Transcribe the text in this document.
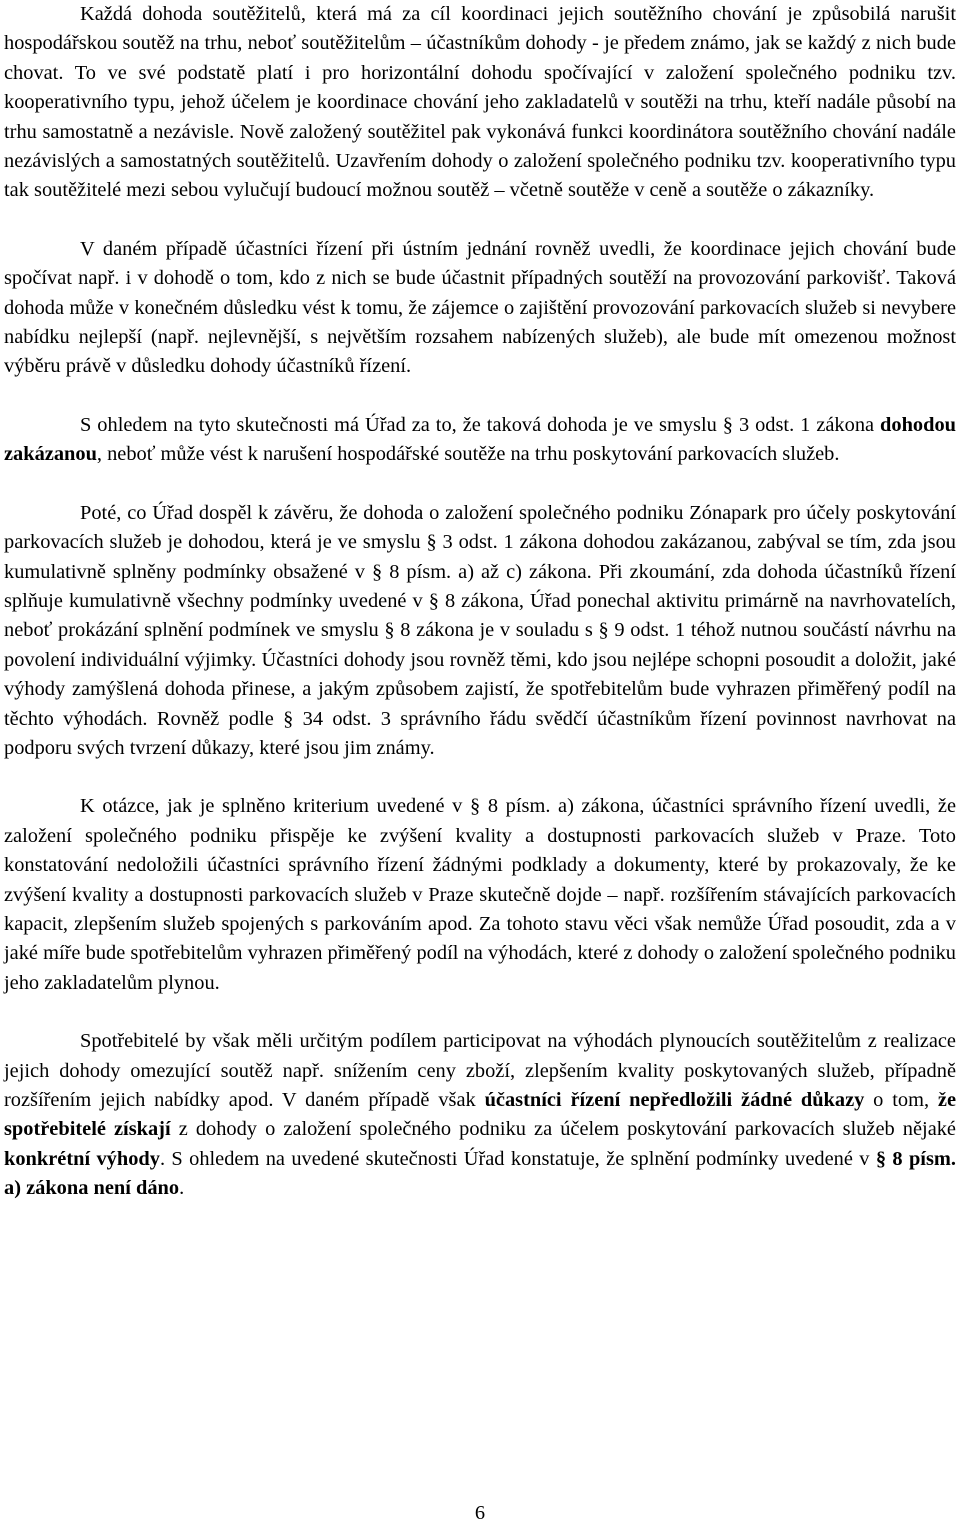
Každá dohoda soutěžitelů, která má za cíl koordinaci jejich soutěžního chování je způsobilá narušit hospodářskou soutěž na trhu, neboť soutěžitelům – účastníkům dohody - je předem známo, jak se každý z nich bude chovat. To ve své podstatě platí i pro horizontální dohodu spočívající v založení společného podniku tzv. kooperativního typu, jehož účelem je koordinace chování jeho zakladatelů v soutěži na trhu, kteří nadále působí na trhu samostatně a nezávisle. Nově založený soutěžitel pak vykonává funkci koordinátora soutěžního chování nadále nezávislých a samostatných soutěžitelů. Uzavřením dohody o založení společného podniku tzv. kooperativního typu tak soutěžitelé mezi sebou vylučují budoucí možnou soutěž – včetně soutěže v ceně a soutěže o zákazníky.

V daném případě účastníci řízení při ústním jednání rovněž uvedli, že koordinace jejich chování bude spočívat např. i v dohodě o tom, kdo z nich se bude účastnit případných soutěží na provozování parkovišť. Taková dohoda může v konečném důsledku vést k tomu, že zájemce o zajištění provozování parkovacích služeb si nevybere nabídku nejlepší (např. nejlevnější, s největším rozsahem nabízených služeb), ale bude mít omezenou možnost výběru právě v důsledku dohody účastníků řízení.

S ohledem na tyto skutečnosti má Úřad za to, že taková dohoda je ve smyslu § 3 odst. 1 zákona dohodou zakázanou, neboť může vést k narušení hospodářské soutěže na trhu poskytování parkovacích služeb.

Poté, co Úřad dospěl k závěru, že dohoda o založení společného podniku Zónapark pro účely poskytování parkovacích služeb je dohodou, která je ve smyslu § 3 odst. 1 zákona dohodou zakázanou, zabýval se tím, zda jsou kumulativně splněny podmínky obsažené v § 8 písm. a) až c) zákona. Při zkoumání, zda dohoda účastníků řízení splňuje kumulativně všechny podmínky uvedené v § 8 zákona, Úřad ponechal aktivitu primárně na navrhovatelích, neboť prokázání splnění podmínek ve smyslu § 8 zákona je v souladu s § 9 odst. 1 téhož nutnou součástí návrhu na povolení individuální výjimky. Účastníci dohody jsou rovněž těmi, kdo jsou nejlépe schopni posoudit a doložit, jaké výhody zamýšlená dohoda přinese, a jakým způsobem zajistí, že spotřebitelům bude vyhrazen přiměřený podíl na těchto výhodách. Rovněž podle § 34 odst. 3 správního řádu svědčí účastníkům řízení povinnost navrhovat na podporu svých tvrzení důkazy, které jsou jim známy.

K otázce, jak je splněno kriterium uvedené v § 8 písm. a) zákona, účastníci správního řízení uvedli, že založení společného podniku přispěje ke zvýšení kvality a dostupnosti parkovacích služeb v Praze. Toto konstatování nedoložili účastníci správního řízení žádnými podklady a dokumenty, které by prokazovaly, že ke zvýšení kvality a dostupnosti parkovacích služeb v Praze skutečně dojde – např. rozšířením stávajících parkovacích kapacit, zlepšením služeb spojených s parkováním apod. Za tohoto stavu věci však nemůže Úřad posoudit, zda a v jaké míře bude spotřebitelům vyhrazen přiměřený podíl na výhodách, které z dohody o založení společného podniku jeho zakladatelům plynou.

Spotřebitelé by však měli určitým podílem participovat na výhodách plynoucích soutěžitelům z realizace jejich dohody omezující soutěž např. snížením ceny zboží, zlepšením kvality poskytovaných služeb, případně rozšířením jejich nabídky apod. V daném případě však účastníci řízení nepředložili žádné důkazy o tom, že spotřebitelé získají z dohody o založení společného podniku za účelem poskytování parkovacích služeb nějaké konkrétní výhody. S ohledem na uvedené skutečnosti Úřad konstatuje, že splnění podmínky uvedené v § 8 písm. a) zákona není dáno.

6
